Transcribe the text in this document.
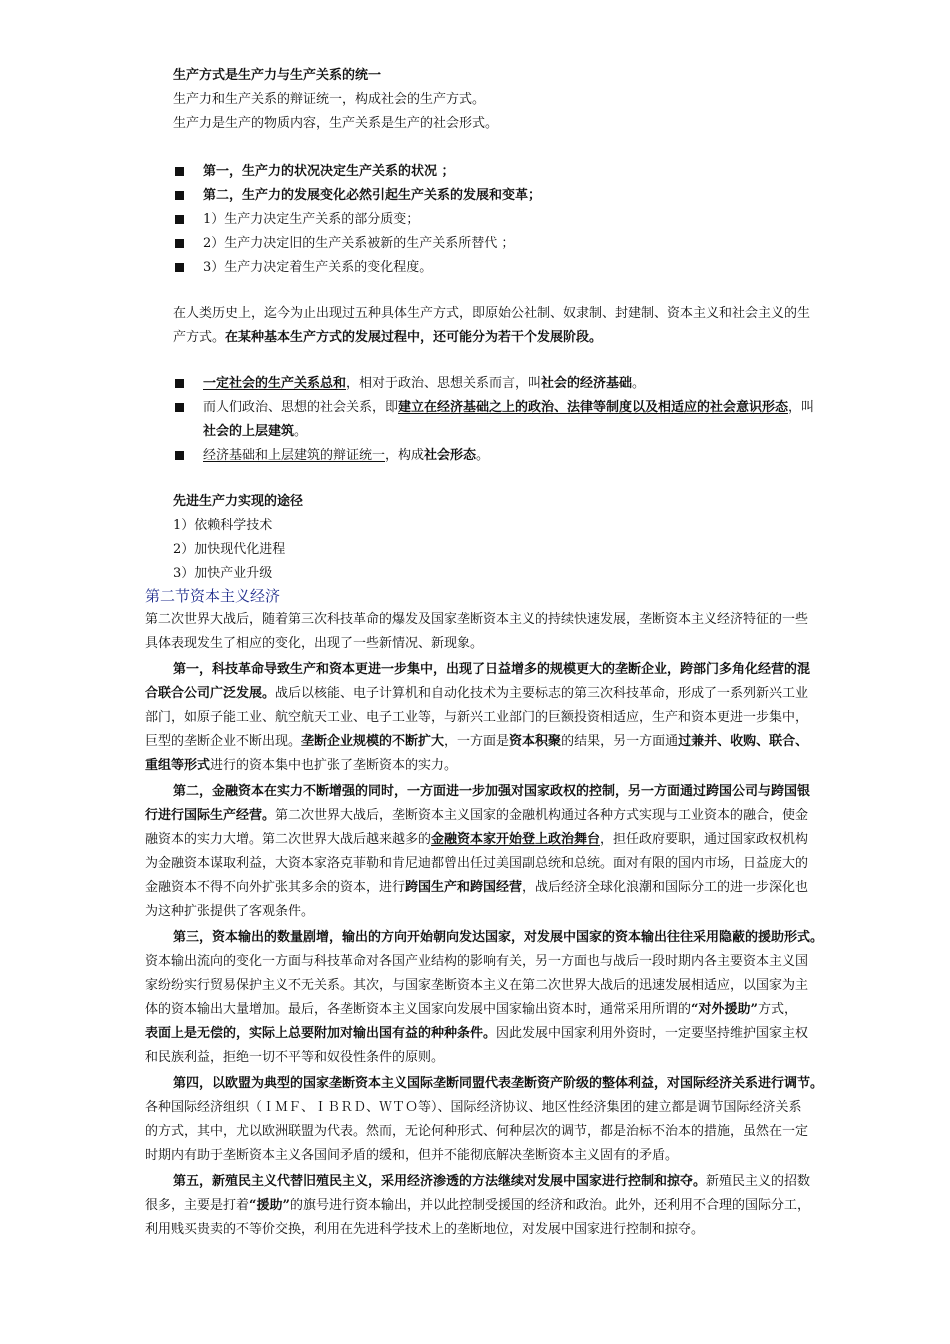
生产方式是生产力与生产关系的统一
生产力和生产关系的辩证统一，构成社会的生产方式。
生产力是生产的物质内容，生产关系是生产的社会形式。
第一，生产力的状况决定生产关系的状况 ；
第二，生产力的发展变化必然引起生产关系的发展和变革；
1）生产力决定生产关系的部分质变；
2）生产力决定旧的生产关系被新的生产关系所替代 ；
3）生产力决定着生产关系的变化程度。
在人类历史上，迄今为止出现过五种具体生产方式，即原始公社制、奴隶制、封建制、资本主义和社会主义的生
产方式。在某种基本生产方式的发展过程中，还可能分为若干个发展阶段。
一定社会的生产关系总和，相对于政治、思想关系而言，叫社会的经济基础。
而人们政治、思想的社会关系，即建立在经济基础之上的政治、法律等制度以及相适应的社会意识形态，叫
社会的上层建筑。
经济基础和上层建筑的辩证统一，构成社会形态。
先进生产力实现的途径
1）依赖科学技术
2）加快现代化进程
3）加快产业升级
第二节资本主义经济
第二次世界大战后，随着第三次科技革命的爆发及国家垄断资本主义的持续快速发展，垄断资本主义经济特征的一些
具体表现发生了相应的变化，出现了一些新情况、新现象。
第一，科技革命导致生产和资本更进一步集中，出现了日益增多的规模更大的垄断企业，跨部门多角化经营的混
合联合公司广泛发展。战后以核能、电子计算机和自动化技术为主要标志的第三次科技革命，形成了一系列新兴工业
部门，如原子能工业、航空航天工业、电子工业等，与新兴工业部门的巨额投资相适应，生产和资本更进一步集中，
巨型的垄断企业不断出现。垄断企业规模的不断扩大，一方面是资本积聚的结果，另一方面通过兼并、收购、联合、
重组等形式进行的资本集中也扩张了垄断资本的实力。
第二，金融资本在实力不断增强的同时，一方面进一步加强对国家政权的控制，另一方面通过跨国公司与跨国银
行进行国际生产经营。第二次世界大战后，垄断资本主义国家的金融机构通过各种方式实现与工业资本的融合，使金
融资本的实力大增。第二次世界大战后越来越多的金融资本家开始登上政治舞台，担任政府要职，通过国家政权机构
为金融资本谋取利益，大资本家洛克菲勒和肯尼迪都曾出任过美国副总统和总统。面对有限的国内市场，日益庞大的
金融资本不得不向外扩张其多余的资本，进行跨国生产和跨国经营，战后经济全球化浪潮和国际分工的进一步深化也
为这种扩张提供了客观条件。
第三，资本输出的数量剧增，输出的方向开始朝向发达国家，对发展中国家的资本输出往往采用隐蔽的援助形式。
资本输出流向的变化一方面与科技革命对各国产业结构的影响有关，另一方面也与战后一段时期内各主要资本主义国
家纷纷实行贸易保护主义不无关系。其次，与国家垄断资本主义在第二次世界大战后的迅速发展相适应，以国家为主
体的资本输出大量增加。最后，各垄断资本主义国家向发展中国家输出资本时，通常采用所谓的“对外援助”方式，
表面上是无偿的，实际上总要附加对输出国有益的种种条件。因此发展中国家利用外资时，一定要坚持维护国家主权
和民族利益，拒绝一切不平等和奴役性条件的原则。
第四，以欧盟为典型的国家垄断资本主义国际垄断同盟代表垄断资产阶级的整体利益，对国际经济关系进行调节。
各种国际经济组织（ＩＭＦ、ＩＢＲＤ、ＷＴＯ等）、国际经济协议、地区性经济集团的建立都是调节国际经济关系
的方式，其中，尤以欧洲联盟为代表。然而，无论何种形式、何种层次的调节，都是治标不治本的措施，虽然在一定
时期内有助于垄断资本主义各国间矛盾的缓和，但并不能彻底解决垄断资本主义固有的矛盾。
第五，新殖民主义代替旧殖民主义，采用经济渗透的方法继续对发展中国家进行控制和掠夺。新殖民主义的招数
很多，主要是打着“援助”的旗号进行资本输出，并以此控制受援国的经济和政治。此外，还利用不合理的国际分工，
利用贱买贵卖的不等价交换，利用在先进科学技术上的垄断地位，对发展中国家进行控制和掠夺。
